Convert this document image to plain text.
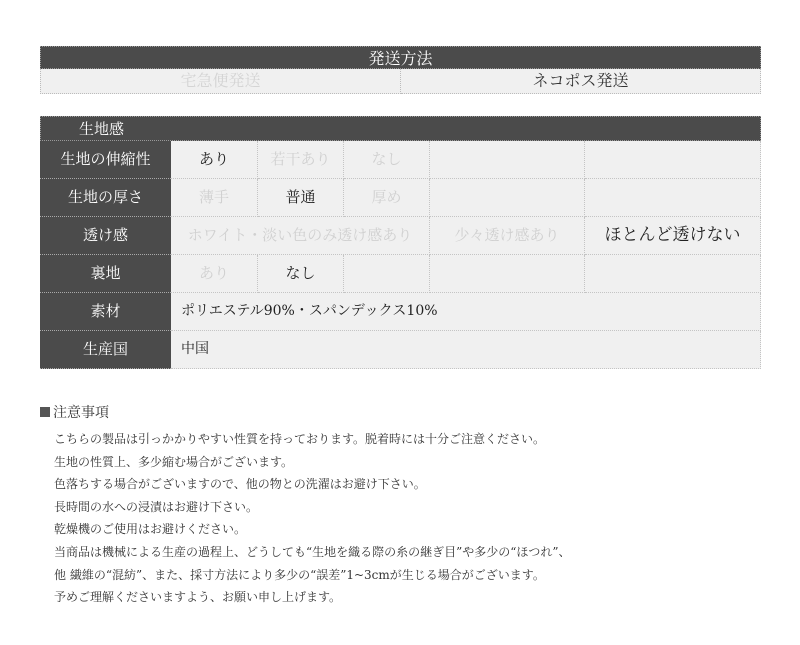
発送方法
宅急便発送	ネコポス発送
生地感
生地の伸縮性	あり	若干あり	なし
生地の厚さ	薄手	普通	厚め
透け感	ホワイト・淡い色のみ透け感あり	少々透け感あり	ほとんど透けない
裏地	あり	なし
素材	ポリエステル90%・スパンデックス10%
生産国	中国
注意事項
こちらの製品は引っかかりやすい性質を持っております。脱着時には十分ご注意ください。
生地の性質上、多少縮む場合がございます。
色落ちする場合がございますので、他の物との洗濯はお避け下さい。
長時間の水への浸漬はお避け下さい。
乾燥機のご使用はお避けください。
当商品は機械による生産の過程上、どうしても“生地を織る際の糸の継ぎ目”や多少の“ほつれ”、
他 繊維の“混紡”、また、採寸方法により多少の“誤差”1~3cmが生じる場合がございます。
予めご理解くださいますよう、お願い申し上げます。
